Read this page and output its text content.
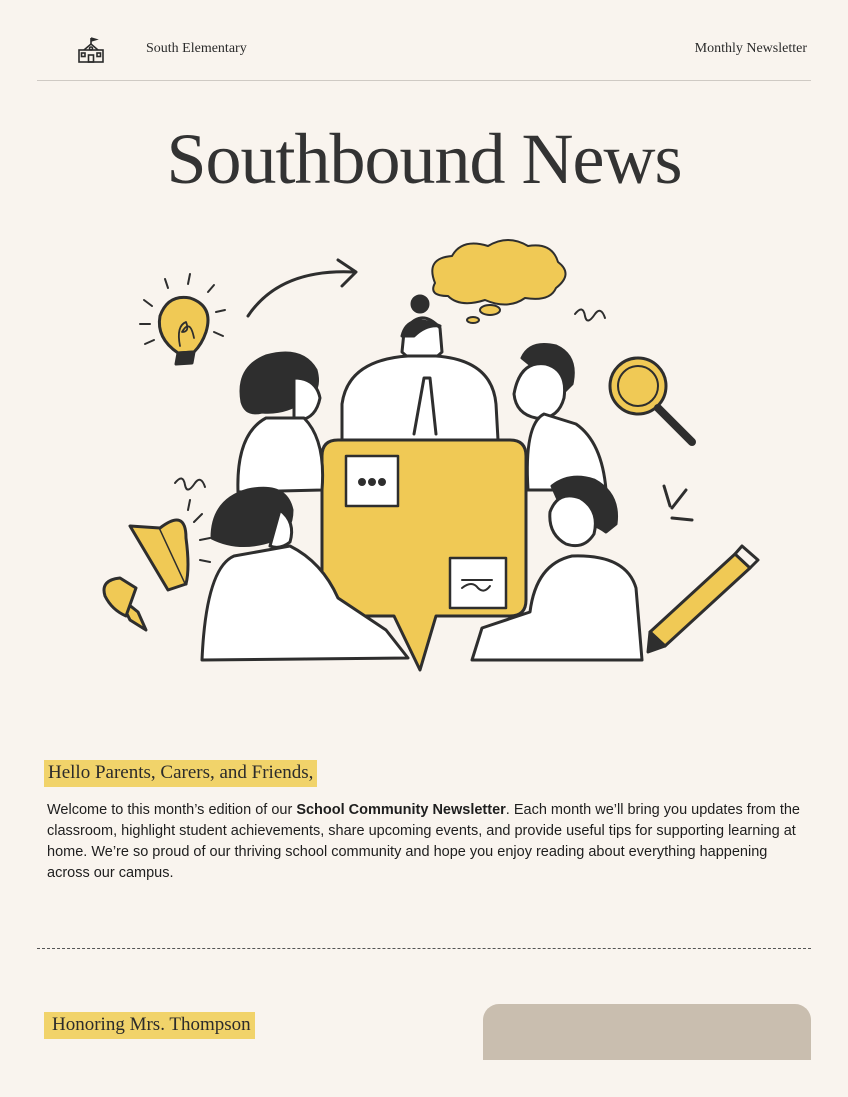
South Elementary	Monthly Newsletter
Southbound News
Hello Parents, Carers, and Friends,

Welcome to this month’s edition of our School Community Newsletter. Each month we’ll bring you updates from the classroom, highlight student achievements, share upcoming events, and provide useful tips for supporting learning at home. We’re so proud of our thriving school community and hope you enjoy reading about everything happening across our campus.

Honoring Mrs. Thompson
